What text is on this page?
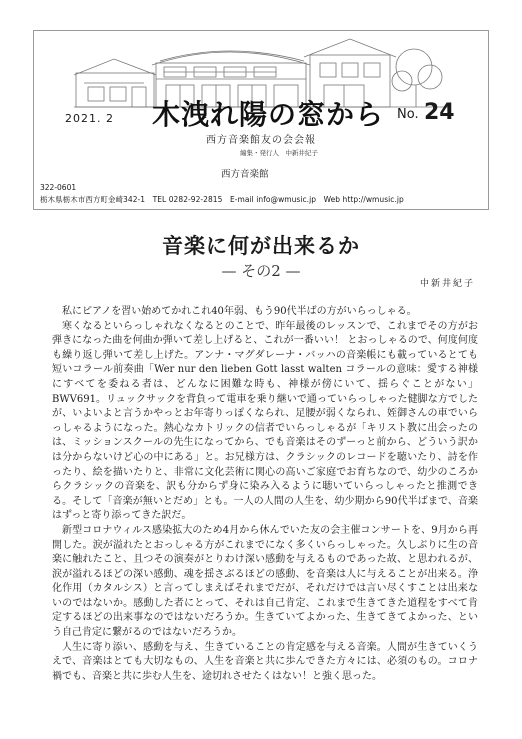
2021. 2 木洩れ陽の窓から No. 24
西方音楽館友の会会報
編集・発行人　中新井紀子
西方音楽館
322-0601
栃木県栃木市西方町金崎342-1　TEL 0282-92-2815　E-mail info@wmusic.jp　Web http://wmusic.jp
音楽に何が出来るか
— その2 —
中新井紀子

私にピアノを習い始めてかれこれ40年弱、もう90代半ばの方がいらっしゃる。

寒くなるといらっしゃれなくなるとのことで、昨年最後のレッスンで、これまでその方がお弾きになった曲を何曲か弾いて差し上げると、これが一番いい！ とおっしゃるので、何度何度も繰り返し弾いて差し上げた。アンナ・マグダレーナ・バッハの音楽帳にも載っているとても短いコラール前奏曲「Wer nur den lieben Gott lasst walten コラールの意味：愛する神様にすべてを委ねる者は、どんなに困難な時も、神様が傍にいて、揺らぐことがない」BWV691。リュックサックを背負って電車を乗り継いで通っていらっしゃった健脚な方でしたが、いよいよと言うかやっとお年寄りっぽくなられ、足腰が弱くなられ、姪御さんの車でいらっしゃるようになった。熱心なカトリックの信者でいらっしゃるが「キリスト教に出会ったのは、ミッションスクールの先生になってから、でも音楽はそのずーっと前から、どういう訳かは分からないけど心の中にある」と。お兄様方は、クラシックのレコードを聴いたり、詩を作ったり、絵を描いたりと、非常に文化芸術に関心の高いご家庭でお育ちなので、幼少のころからクラシックの音楽を、訳も分からず身に染み入るように聴いていらっしゃったと推測できる。そして「音楽が無いとだめ」とも。一人の人間の人生を、幼少期から90代半ばまで、音楽はずっと寄り添ってきた訳だ。

新型コロナウィルス感染拡大のため4月から休んでいた友の会主催コンサートを、9月から再開した。涙が溢れたとおっしゃる方がこれまでになく多くいらっしゃった。久しぶりに生の音楽に触れたこと、且つその演奏がとりわけ深い感動を与えるものであった故、と思われるが、涙が溢れるほどの深い感動、魂を揺さぶるほどの感動、を音楽は人に与えることが出来る。浄化作用（カタルシス）と言ってしまえばそれまでだが、それだけでは言い尽くすことは出来ないのではないか。感動した者にとって、それは自己肯定、これまで生きてきた道程をすべて肯定するほどの出来事なのではないだろうか。生きていてよかった、生きてきてよかった、という自己肯定に繋がるのではないだろうか。

人生に寄り添い、感動を与え、生きていることの肯定感を与える音楽。人間が生きていくうえで、音楽はとても大切なもの、人生を音楽と共に歩んできた方々には、必須のもの。コロナ禍でも、音楽と共に歩む人生を、途切れさせたくはない！と強く思った。
